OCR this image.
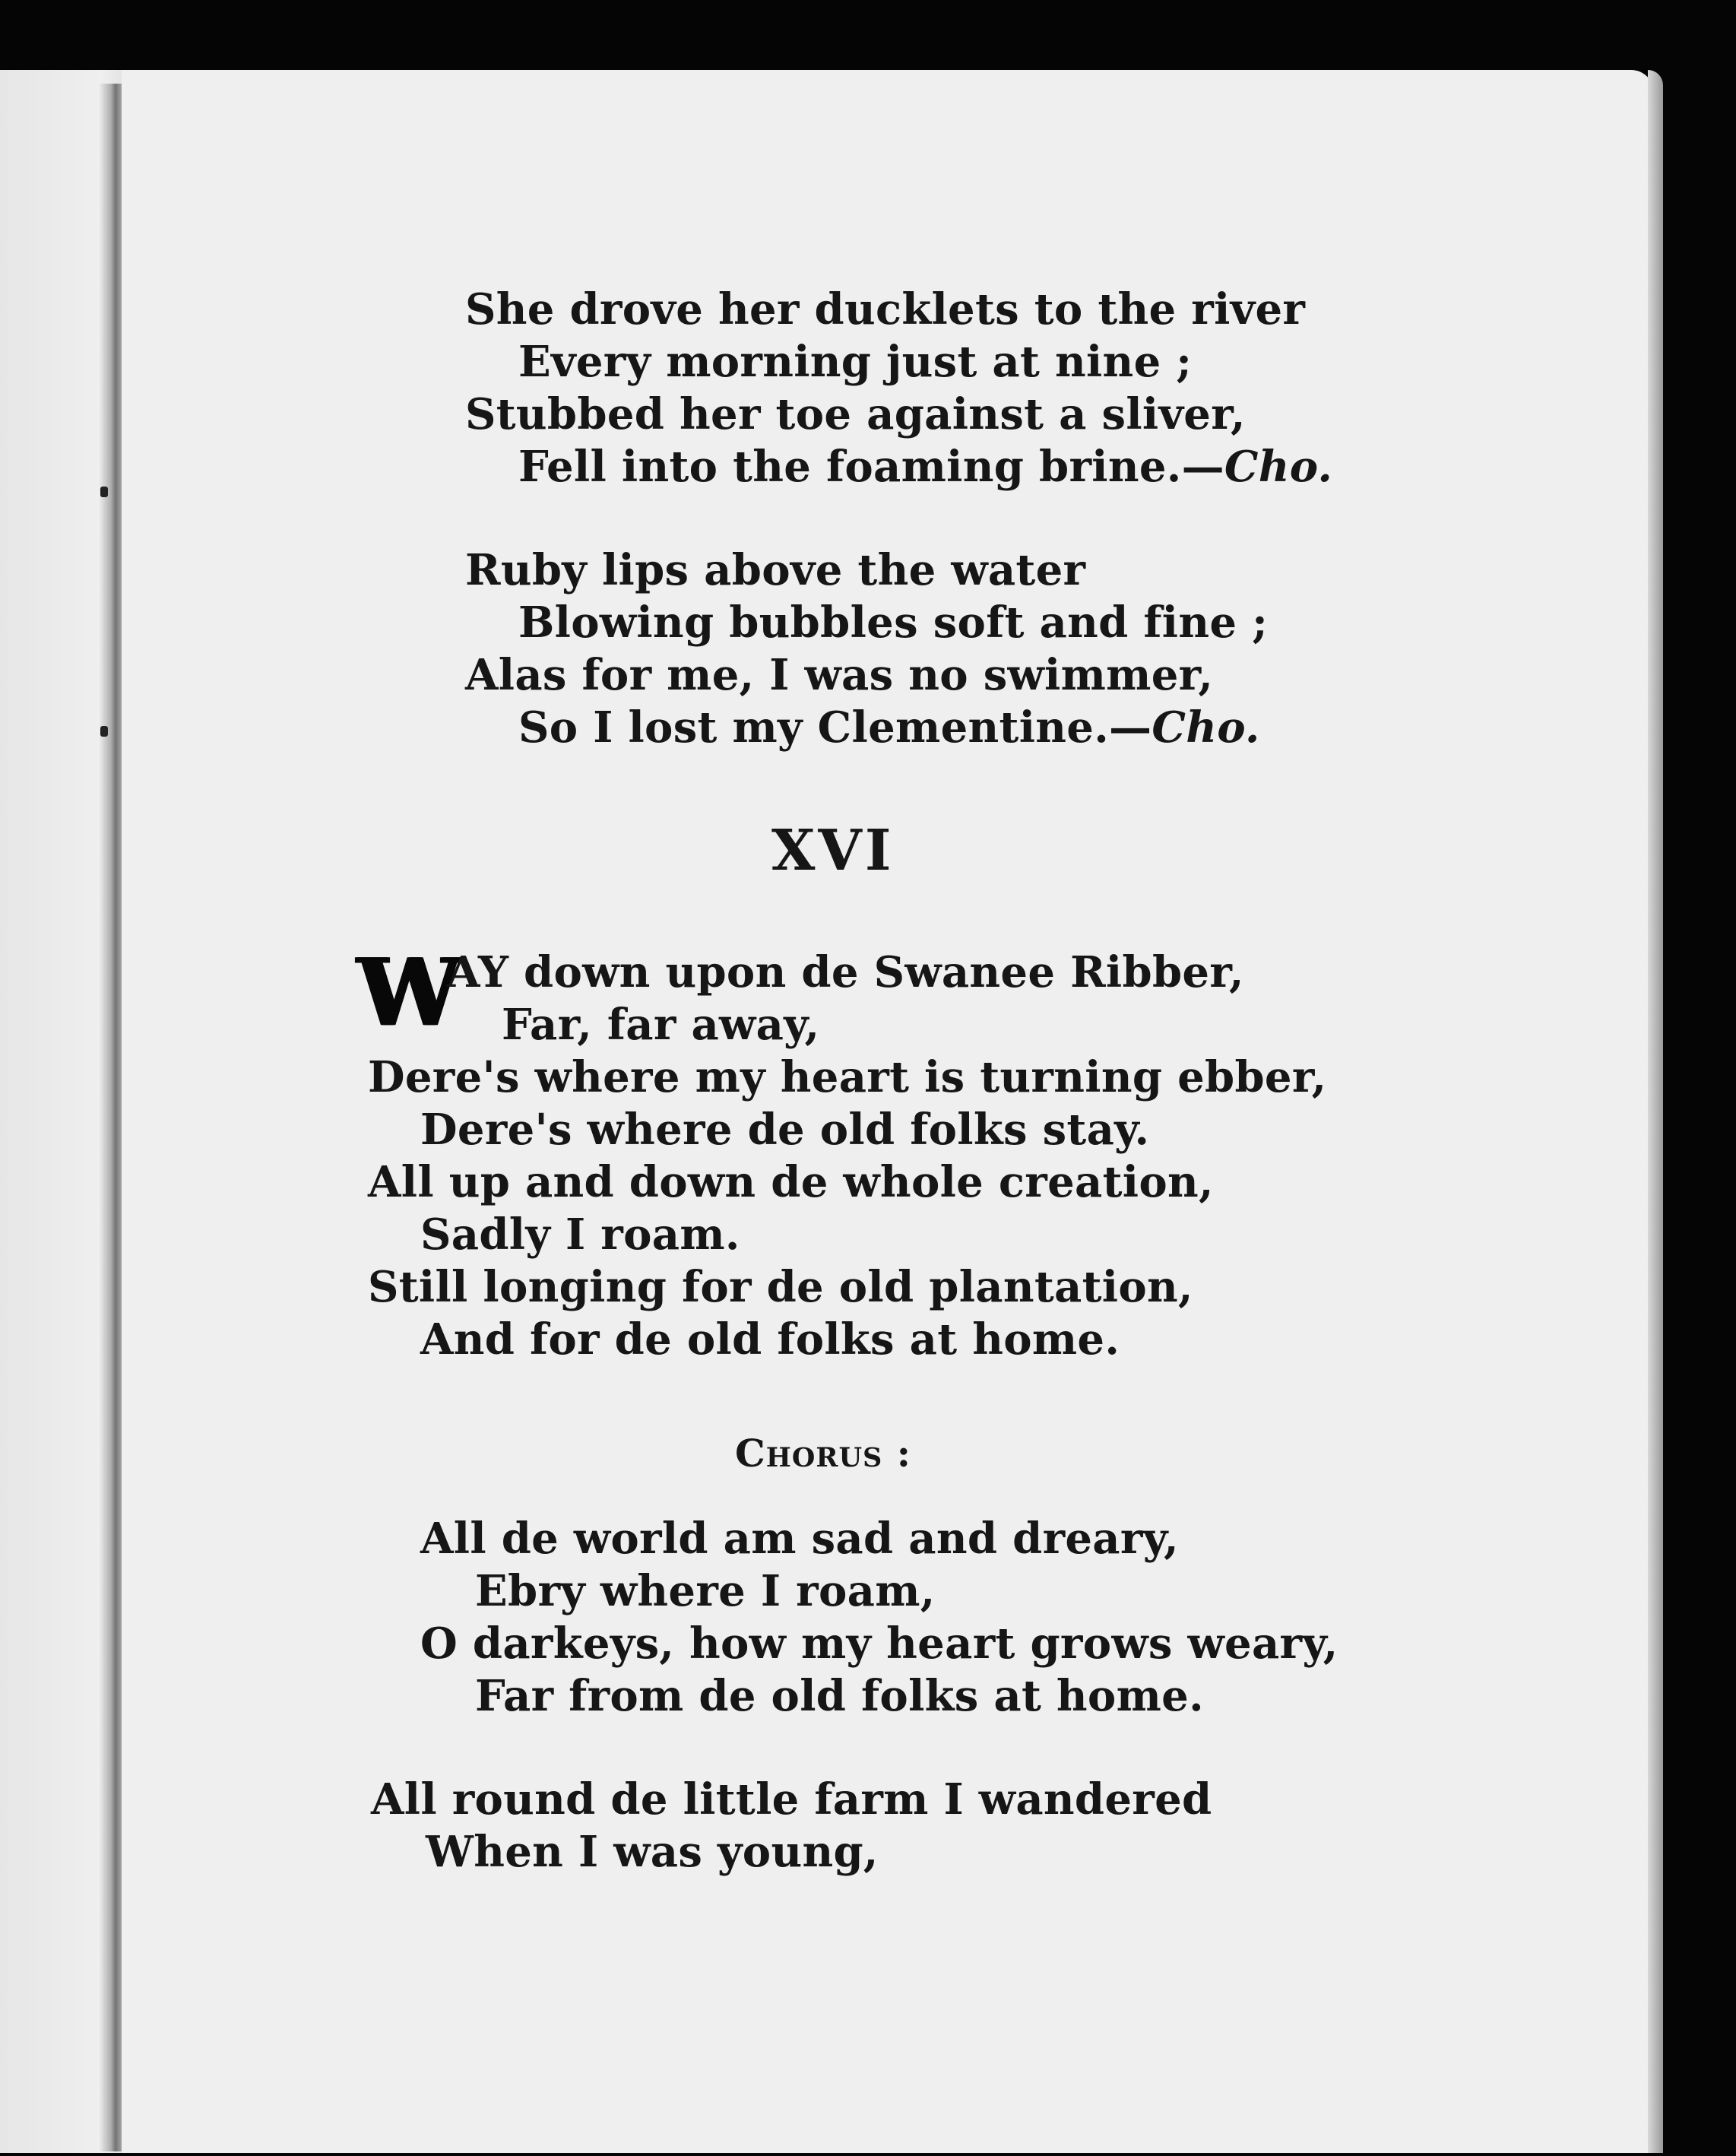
She drove her ducklets to the river
Every morning just at nine ;
Stubbed her toe against a sliver,
Fell into the foaming brine.—Cho.
Ruby lips above the water
Blowing bubbles soft and fine ;
Alas for me, I was no swimmer,
So I lost my Clementine.—Cho.
XVI
W
AY down upon de Swanee Ribber,
Far, far away,
Dere's where my heart is turning ebber,
Dere's where de old folks stay.
All up and down de whole creation,
Sadly I roam.
Still longing for de old plantation,
And for de old folks at home.
Chorus :
All de world am sad and dreary,
Ebry where I roam,
O darkeys, how my heart grows weary,
Far from de old folks at home.
All round de little farm I wandered
When I was young,
